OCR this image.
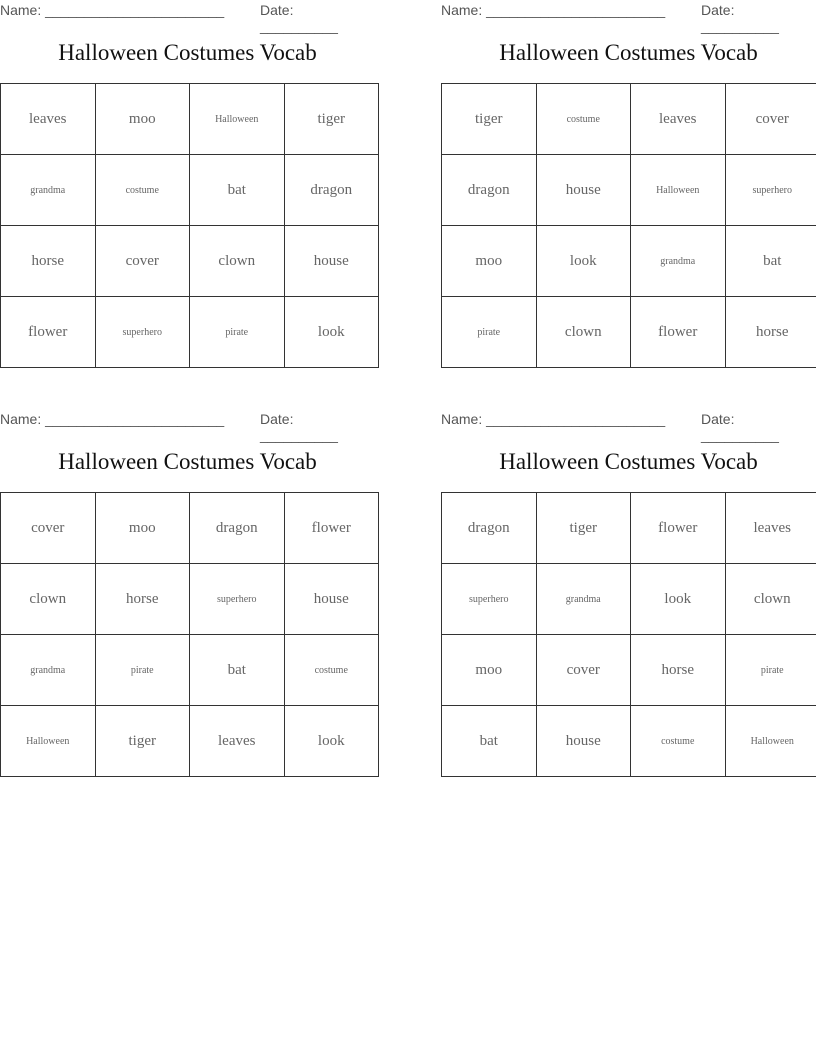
Name: _______________________	Date: __________
Halloween Costumes Vocab
leaves	moo	Halloween	tiger
grandma	costume	bat	dragon
horse	cover	clown	house
flower	superhero	pirate	look
Name: _______________________	Date: __________
Halloween Costumes Vocab
tiger	costume	leaves	cover
dragon	house	Halloween	superhero
moo	look	grandma	bat
pirate	clown	flower	horse
Name: _______________________	Date: __________
Halloween Costumes Vocab
cover	moo	dragon	flower
clown	horse	superhero	house
grandma	pirate	bat	costume
Halloween	tiger	leaves	look
Name: _______________________	Date: __________
Halloween Costumes Vocab
dragon	tiger	flower	leaves
superhero	grandma	look	clown
moo	cover	horse	pirate
bat	house	costume	Halloween
